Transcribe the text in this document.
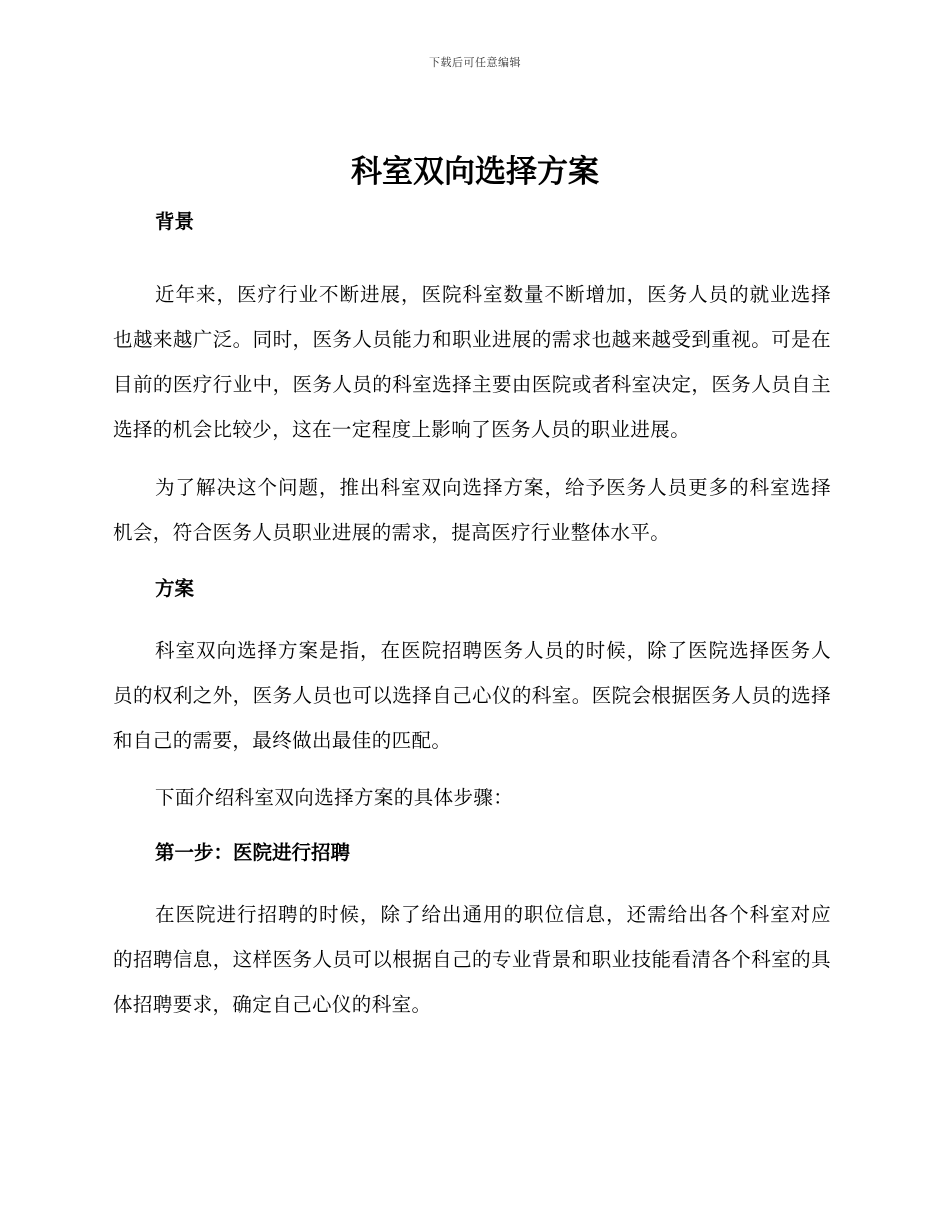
下载后可任意编辑
科室双向选择方案

背景

近年来，医疗行业不断进展，医院科室数量不断增加，医务人员的就业选择也越来越广泛。同时，医务人员能力和职业进展的需求也越来越受到重视。可是在目前的医疗行业中，医务人员的科室选择主要由医院或者科室决定，医务人员自主选择的机会比较少，这在一定程度上影响了医务人员的职业进展。

为了解决这个问题，推出科室双向选择方案，给予医务人员更多的科室选择机会，符合医务人员职业进展的需求，提高医疗行业整体水平。

方案

科室双向选择方案是指，在医院招聘医务人员的时候，除了医院选择医务人员的权利之外，医务人员也可以选择自己心仪的科室。医院会根据医务人员的选择和自己的需要，最终做出最佳的匹配。

下面介绍科室双向选择方案的具体步骤：

第一步：医院进行招聘

在医院进行招聘的时候，除了给出通用的职位信息，还需给出各个科室对应的招聘信息，这样医务人员可以根据自己的专业背景和职业技能看清各个科室的具体招聘要求，确定自己心仪的科室。
